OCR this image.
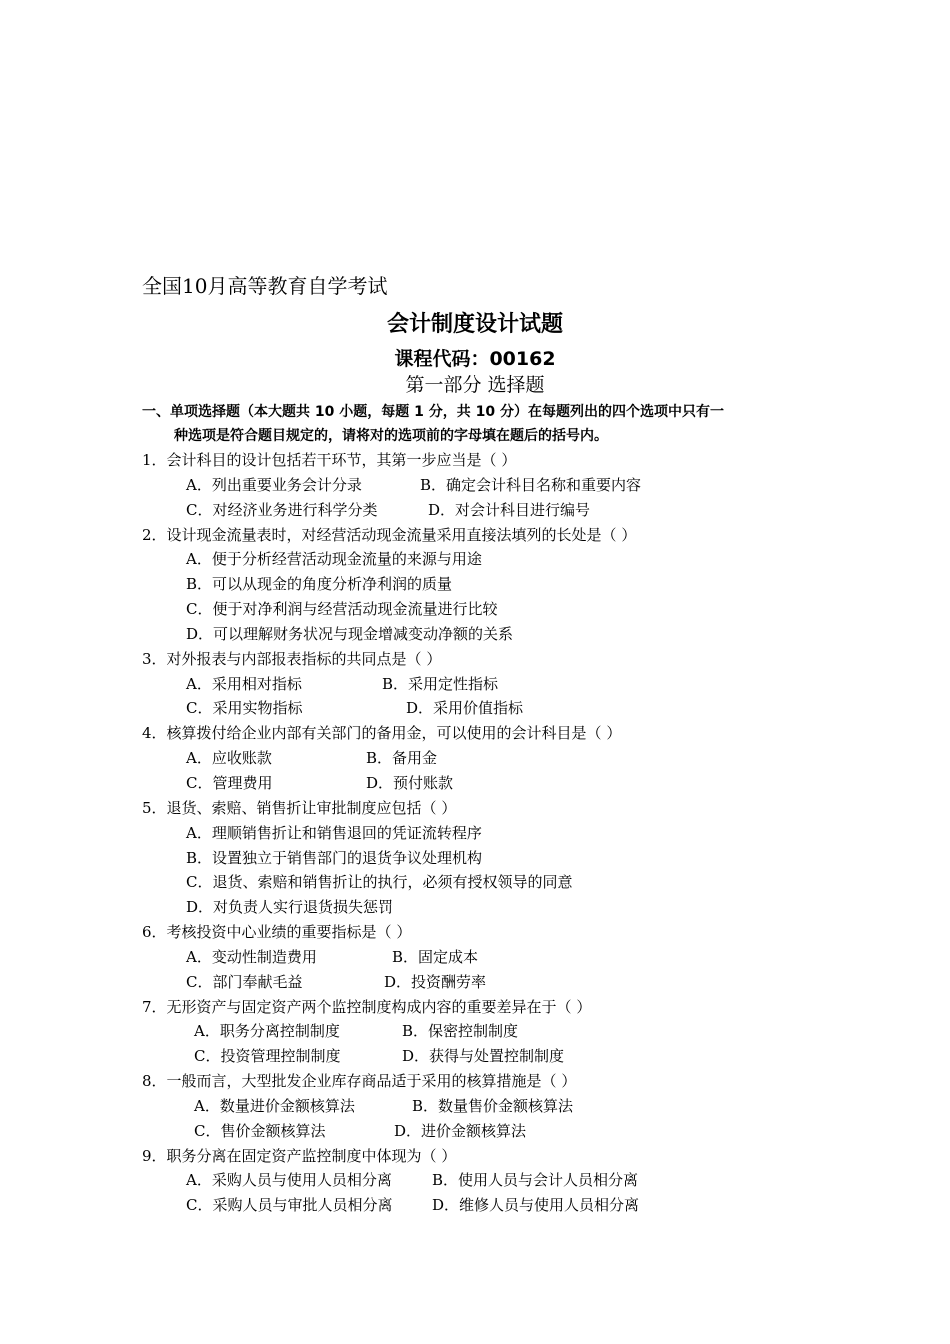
全国10月高等教育自学考试
会计制度设计试题
课程代码：00162
第一部分 选择题
一、单项选择题（本大题共 10 小题，每题 1 分，共 10 分）在每题列出的四个选项中只有一
种选项是符合题目规定的，请将对的选项前的字母填在题后的括号内。
1．会计科目的设计包括若干环节，其第一步应当是（ ）
A．列出重要业务会计分录	B．确定会计科目名称和重要内容
C．对经济业务进行科学分类	D．对会计科目进行编号
2．设计现金流量表时，对经营活动现金流量采用直接法填列的长处是（ ）
A．便于分析经营活动现金流量的来源与用途
B．可以从现金的角度分析净利润的质量
C．便于对净利润与经营活动现金流量进行比较
D．可以理解财务状况与现金增减变动净额的关系
3．对外报表与内部报表指标的共同点是（ ）
A．采用相对指标	B．采用定性指标
C．采用实物指标	D．采用价值指标
4．核算拨付给企业内部有关部门的备用金，可以使用的会计科目是（ ）
A．应收账款	B．备用金
C．管理费用	D．预付账款
5．退货、索赔、销售折让审批制度应包括（ ）
A．理顺销售折让和销售退回的凭证流转程序
B．设置独立于销售部门的退货争议处理机构
C．退货、索赔和销售折让的执行，必须有授权领导的同意
D．对负责人实行退货损失惩罚
6．考核投资中心业绩的重要指标是（ ）
A．变动性制造费用	B．固定成本
C．部门奉献毛益	D．投资酬劳率
7．无形资产与固定资产两个监控制度构成内容的重要差异在于（ ）
A．职务分离控制制度	B．保密控制制度
C．投资管理控制制度	D．获得与处置控制制度
8．一般而言，大型批发企业库存商品适于采用的核算措施是（ ）
A．数量进价金额核算法	B．数量售价金额核算法
C．售价金额核算法	D．进价金额核算法
9．职务分离在固定资产监控制度中体现为（ ）
A．采购人员与使用人员相分离	B．使用人员与会计人员相分离
C．采购人员与审批人员相分离	D．维修人员与使用人员相分离
